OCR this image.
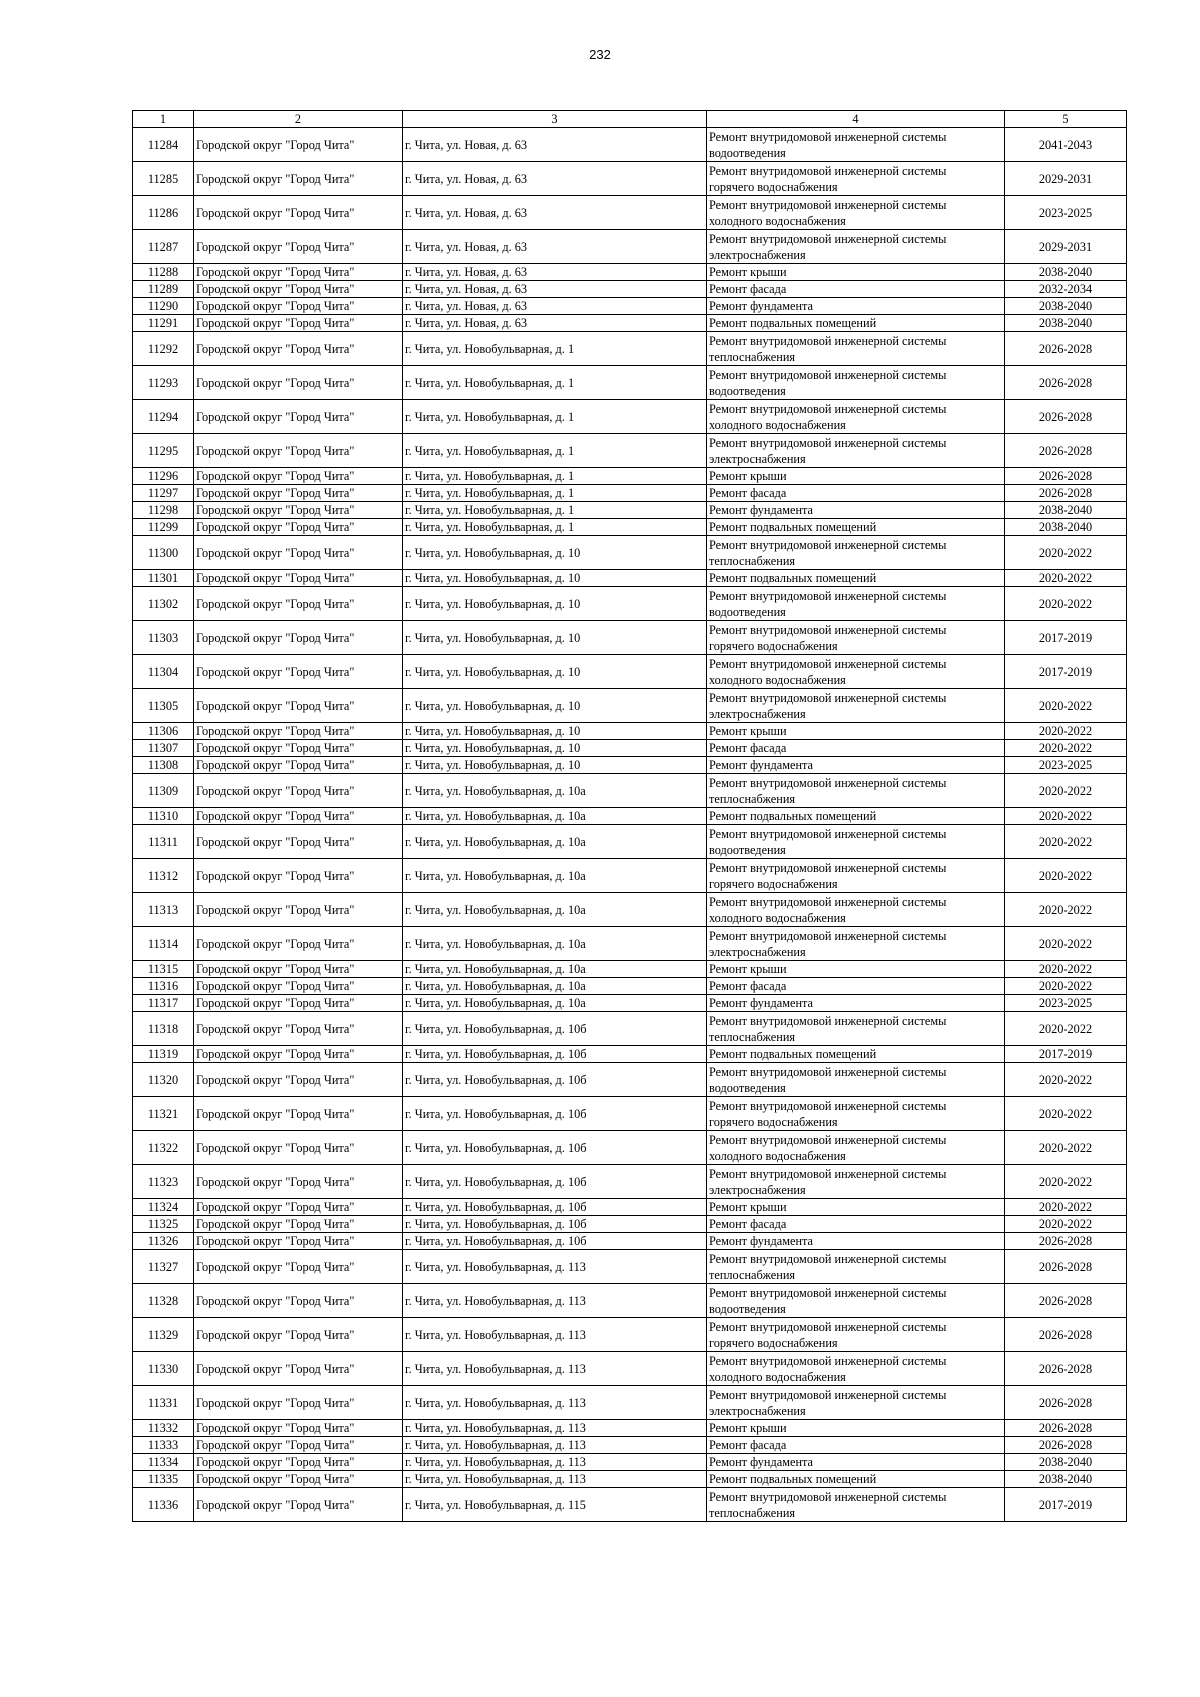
232
1	2	3	4	5
11284	Городской округ "Город Чита"	г. Чита, ул. Новая, д. 63	Ремонт внутридомовой инженерной системы
водоотведения	2041-2043
11285	Городской округ "Город Чита"	г. Чита, ул. Новая, д. 63	Ремонт внутридомовой инженерной системы
горячего водоснабжения	2029-2031
11286	Городской округ "Город Чита"	г. Чита, ул. Новая, д. 63	Ремонт внутридомовой инженерной системы
холодного водоснабжения	2023-2025
11287	Городской округ "Город Чита"	г. Чита, ул. Новая, д. 63	Ремонт внутридомовой инженерной системы
электроснабжения	2029-2031
11288	Городской округ "Город Чита"	г. Чита, ул. Новая, д. 63	Ремонт крыши	2038-2040
11289	Городской округ "Город Чита"	г. Чита, ул. Новая, д. 63	Ремонт фасада	2032-2034
11290	Городской округ "Город Чита"	г. Чита, ул. Новая, д. 63	Ремонт фундамента	2038-2040
11291	Городской округ "Город Чита"	г. Чита, ул. Новая, д. 63	Ремонт подвальных помещений	2038-2040
11292	Городской округ "Город Чита"	г. Чита, ул. Новобульварная, д. 1	Ремонт внутридомовой инженерной системы
теплоснабжения	2026-2028
11293	Городской округ "Город Чита"	г. Чита, ул. Новобульварная, д. 1	Ремонт внутридомовой инженерной системы
водоотведения	2026-2028
11294	Городской округ "Город Чита"	г. Чита, ул. Новобульварная, д. 1	Ремонт внутридомовой инженерной системы
холодного водоснабжения	2026-2028
11295	Городской округ "Город Чита"	г. Чита, ул. Новобульварная, д. 1	Ремонт внутридомовой инженерной системы
электроснабжения	2026-2028
11296	Городской округ "Город Чита"	г. Чита, ул. Новобульварная, д. 1	Ремонт крыши	2026-2028
11297	Городской округ "Город Чита"	г. Чита, ул. Новобульварная, д. 1	Ремонт фасада	2026-2028
11298	Городской округ "Город Чита"	г. Чита, ул. Новобульварная, д. 1	Ремонт фундамента	2038-2040
11299	Городской округ "Город Чита"	г. Чита, ул. Новобульварная, д. 1	Ремонт подвальных помещений	2038-2040
11300	Городской округ "Город Чита"	г. Чита, ул. Новобульварная, д. 10	Ремонт внутридомовой инженерной системы
теплоснабжения	2020-2022
11301	Городской округ "Город Чита"	г. Чита, ул. Новобульварная, д. 10	Ремонт подвальных помещений	2020-2022
11302	Городской округ "Город Чита"	г. Чита, ул. Новобульварная, д. 10	Ремонт внутридомовой инженерной системы
водоотведения	2020-2022
11303	Городской округ "Город Чита"	г. Чита, ул. Новобульварная, д. 10	Ремонт внутридомовой инженерной системы
горячего водоснабжения	2017-2019
11304	Городской округ "Город Чита"	г. Чита, ул. Новобульварная, д. 10	Ремонт внутридомовой инженерной системы
холодного водоснабжения	2017-2019
11305	Городской округ "Город Чита"	г. Чита, ул. Новобульварная, д. 10	Ремонт внутридомовой инженерной системы
электроснабжения	2020-2022
11306	Городской округ "Город Чита"	г. Чита, ул. Новобульварная, д. 10	Ремонт крыши	2020-2022
11307	Городской округ "Город Чита"	г. Чита, ул. Новобульварная, д. 10	Ремонт фасада	2020-2022
11308	Городской округ "Город Чита"	г. Чита, ул. Новобульварная, д. 10	Ремонт фундамента	2023-2025
11309	Городской округ "Город Чита"	г. Чита, ул. Новобульварная, д. 10а	Ремонт внутридомовой инженерной системы
теплоснабжения	2020-2022
11310	Городской округ "Город Чита"	г. Чита, ул. Новобульварная, д. 10а	Ремонт подвальных помещений	2020-2022
11311	Городской округ "Город Чита"	г. Чита, ул. Новобульварная, д. 10а	Ремонт внутридомовой инженерной системы
водоотведения	2020-2022
11312	Городской округ "Город Чита"	г. Чита, ул. Новобульварная, д. 10а	Ремонт внутридомовой инженерной системы
горячего водоснабжения	2020-2022
11313	Городской округ "Город Чита"	г. Чита, ул. Новобульварная, д. 10а	Ремонт внутридомовой инженерной системы
холодного водоснабжения	2020-2022
11314	Городской округ "Город Чита"	г. Чита, ул. Новобульварная, д. 10а	Ремонт внутридомовой инженерной системы
электроснабжения	2020-2022
11315	Городской округ "Город Чита"	г. Чита, ул. Новобульварная, д. 10а	Ремонт крыши	2020-2022
11316	Городской округ "Город Чита"	г. Чита, ул. Новобульварная, д. 10а	Ремонт фасада	2020-2022
11317	Городской округ "Город Чита"	г. Чита, ул. Новобульварная, д. 10а	Ремонт фундамента	2023-2025
11318	Городской округ "Город Чита"	г. Чита, ул. Новобульварная, д. 10б	Ремонт внутридомовой инженерной системы
теплоснабжения	2020-2022
11319	Городской округ "Город Чита"	г. Чита, ул. Новобульварная, д. 10б	Ремонт подвальных помещений	2017-2019
11320	Городской округ "Город Чита"	г. Чита, ул. Новобульварная, д. 10б	Ремонт внутридомовой инженерной системы
водоотведения	2020-2022
11321	Городской округ "Город Чита"	г. Чита, ул. Новобульварная, д. 10б	Ремонт внутридомовой инженерной системы
горячего водоснабжения	2020-2022
11322	Городской округ "Город Чита"	г. Чита, ул. Новобульварная, д. 10б	Ремонт внутридомовой инженерной системы
холодного водоснабжения	2020-2022
11323	Городской округ "Город Чита"	г. Чита, ул. Новобульварная, д. 10б	Ремонт внутридомовой инженерной системы
электроснабжения	2020-2022
11324	Городской округ "Город Чита"	г. Чита, ул. Новобульварная, д. 10б	Ремонт крыши	2020-2022
11325	Городской округ "Город Чита"	г. Чита, ул. Новобульварная, д. 10б	Ремонт фасада	2020-2022
11326	Городской округ "Город Чита"	г. Чита, ул. Новобульварная, д. 10б	Ремонт фундамента	2026-2028
11327	Городской округ "Город Чита"	г. Чита, ул. Новобульварная, д. 113	Ремонт внутридомовой инженерной системы
теплоснабжения	2026-2028
11328	Городской округ "Город Чита"	г. Чита, ул. Новобульварная, д. 113	Ремонт внутридомовой инженерной системы
водоотведения	2026-2028
11329	Городской округ "Город Чита"	г. Чита, ул. Новобульварная, д. 113	Ремонт внутридомовой инженерной системы
горячего водоснабжения	2026-2028
11330	Городской округ "Город Чита"	г. Чита, ул. Новобульварная, д. 113	Ремонт внутридомовой инженерной системы
холодного водоснабжения	2026-2028
11331	Городской округ "Город Чита"	г. Чита, ул. Новобульварная, д. 113	Ремонт внутридомовой инженерной системы
электроснабжения	2026-2028
11332	Городской округ "Город Чита"	г. Чита, ул. Новобульварная, д. 113	Ремонт крыши	2026-2028
11333	Городской округ "Город Чита"	г. Чита, ул. Новобульварная, д. 113	Ремонт фасада	2026-2028
11334	Городской округ "Город Чита"	г. Чита, ул. Новобульварная, д. 113	Ремонт фундамента	2038-2040
11335	Городской округ "Город Чита"	г. Чита, ул. Новобульварная, д. 113	Ремонт подвальных помещений	2038-2040
11336	Городской округ "Город Чита"	г. Чита, ул. Новобульварная, д. 115	Ремонт внутридомовой инженерной системы
теплоснабжения	2017-2019
